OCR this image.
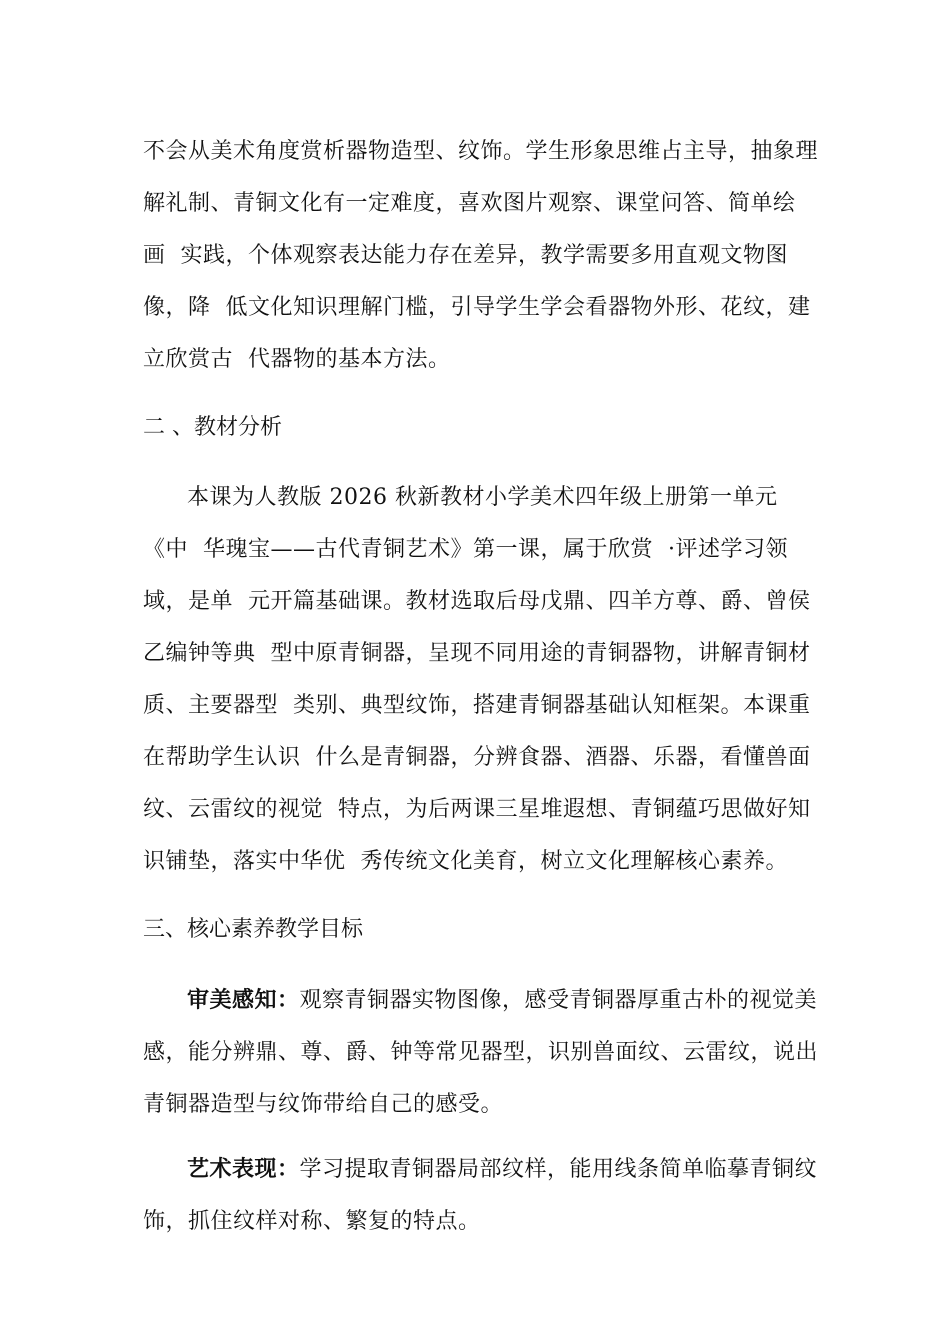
不会从美术角度赏析器物造型、纹饰。学生形象思维占主导，抽象理
解礼制、青铜文化有一定难度，喜欢图片观察、课堂问答、简单绘
画  实践，个体观察表达能力存在差异，教学需要多用直观文物图
像，降  低文化知识理解门槛，引导学生学会看器物外形、花纹，建
立欣赏古  代器物的基本方法。
二 、教材分析
本课为人教版 2026 秋新教材小学美术四年级上册第一单元
《中  华瑰宝——古代青铜艺术》第一课，属于欣赏  ·评述学习领
域，是单  元开篇基础课。教材选取后母戊鼎、四羊方尊、爵、曾侯
乙编钟等典  型中原青铜器，呈现不同用途的青铜器物，讲解青铜材
质、主要器型  类别、典型纹饰，搭建青铜器基础认知框架。本课重
在帮助学生认识  什么是青铜器，分辨食器、酒器、乐器，看懂兽面
纹、云雷纹的视觉  特点，为后两课三星堆遐想、青铜蕴巧思做好知
识铺垫，落实中华优  秀传统文化美育，树立文化理解核心素养。
三、核心素养教学目标
审美感知：观察青铜器实物图像，感受青铜器厚重古朴的视觉美
感，能分辨鼎、尊、爵、钟等常见器型，识别兽面纹、云雷纹，说出
青铜器造型与纹饰带给自己的感受。
艺术表现：学习提取青铜器局部纹样，能用线条简单临摹青铜纹
饰，抓住纹样对称、繁复的特点。
